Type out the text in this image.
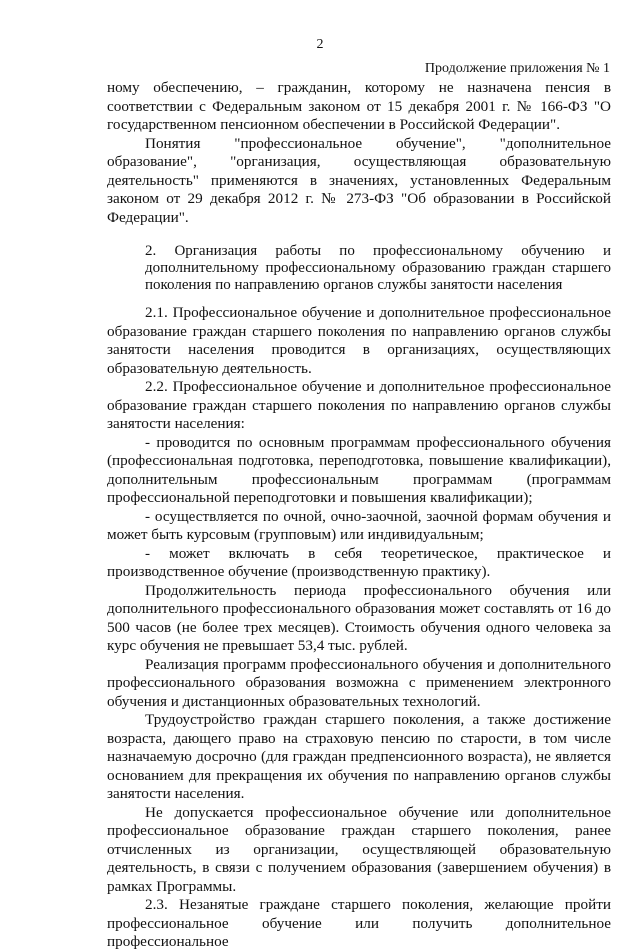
2
Продолжение приложения № 1

ному обеспечению, – гражданин, которому не назначена пенсия в соответствии с Федеральным законом от 15 декабря 2001 г. № 166-ФЗ "О государственном пенсионном обеспечении в Российской Федерации".

Понятия "профессиональное обучение", "дополнительное образование", "организация, осуществляющая образовательную деятельность" применяются в значениях, установленных Федеральным законом от 29 декабря 2012 г. № 273-ФЗ "Об образовании в Российской Федерации".

2. Организация работы по профессиональному обучению и дополнительному профессиональному образованию граждан старшего поколения по направлению органов службы занятости населения

2.1. Профессиональное обучение и дополнительное профессиональное образование граждан старшего поколения по направлению органов службы занятости населения проводится в организациях, осуществляющих образовательную деятельность.

2.2. Профессиональное обучение и дополнительное профессиональное образование граждан старшего поколения по направлению органов службы занятости населения:

- проводится по основным программам профессионального обучения (профессиональная подготовка, переподготовка, повышение квалификации), дополнительным профессиональным программам (программам профессиональной переподготовки и повышения квалификации);

- осуществляется по очной, очно-заочной, заочной формам обучения и может быть курсовым (групповым) или индивидуальным;

- может включать в себя теоретическое, практическое и производственное обучение (производственную практику).

Продолжительность периода профессионального обучения или дополнительного профессионального образования может составлять от 16 до 500 часов (не более трех месяцев). Стоимость обучения одного человека за курс обучения не превышает 53,4 тыс. рублей.

Реализация программ профессионального обучения и дополнительного профессионального образования возможна с применением электронного обучения и дистанционных образовательных технологий.

Трудоустройство граждан старшего поколения, а также достижение возраста, дающего право на страховую пенсию по старости, в том числе назначаемую досрочно (для граждан предпенсионного возраста), не является основанием для прекращения их обучения по направлению органов службы занятости населения.

Не допускается профессиональное обучение или дополнительное профессиональное образование граждан старшего поколения, ранее отчисленных из организации, осуществляющей образовательную деятельность, в связи с получением образования (завершением обучения) в рамках Программы.

2.3. Незанятые граждане старшего поколения, желающие пройти профессиональное обучение или получить дополнительное профессиональное
